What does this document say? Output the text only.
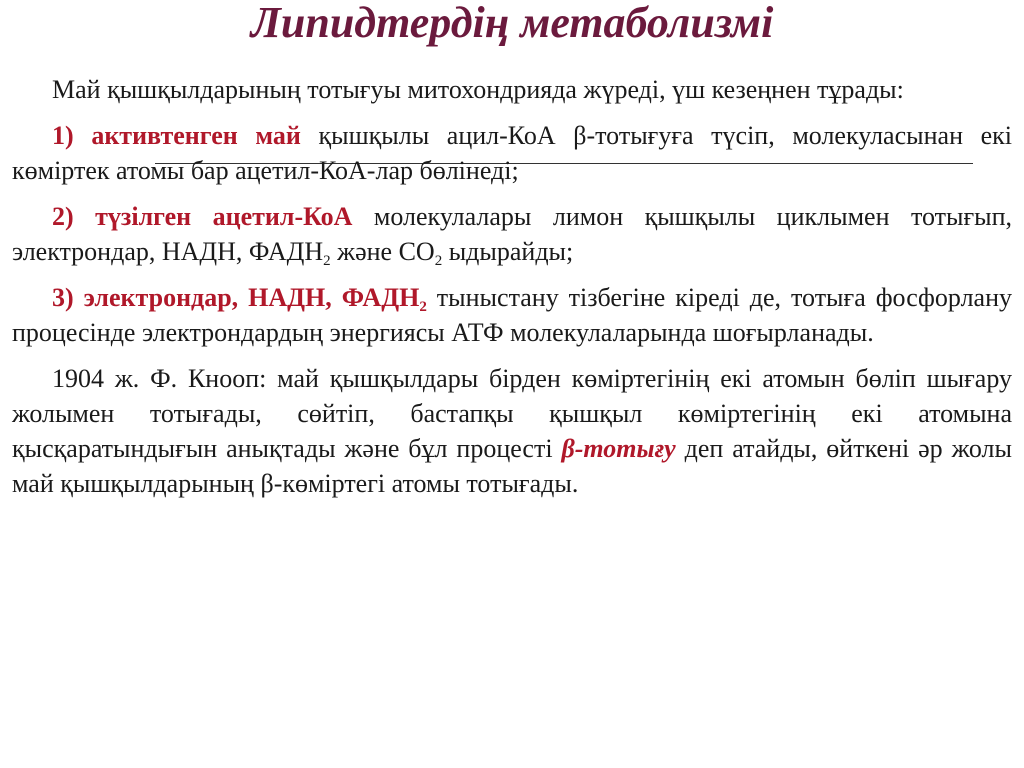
Липидтердің метаболизмі

Май қышқылдарының тотығуы митохондрияда жүреді, үш кезеңнен тұрады:

1) активтенген май қышқылы ацил-КоА β-тотығуға түсіп, молекуласынан екі көміртек атомы бар ацетил-КоА-лар бөлінеді;

2) түзілген ацетил-КоА молекулалары лимон қышқылы циклымен тотығып, электрондар, НАДН, $ФАДН_2$ және $СО_2$ ыдырайды;

3) электрондар, НАДН, $ФАДН_2$ тыныстану тізбегіне кіреді де, тотыға фосфорлану процесінде электрондардың энергиясы АТФ молекулаларында шоғырланады.

1904 ж. Ф. Кнооп: май қышқылдары бірден көміртегінің екі атомын бөліп шығару жолымен тотығады, сөйтіп, бастапқы қышқыл көміртегінің екі атомына қысқаратындығын анықтады және бұл процесті β-тотығу деп атайды, өйткені әр жолы май қышқылдарының β-көміртегі атомы тотығады.
